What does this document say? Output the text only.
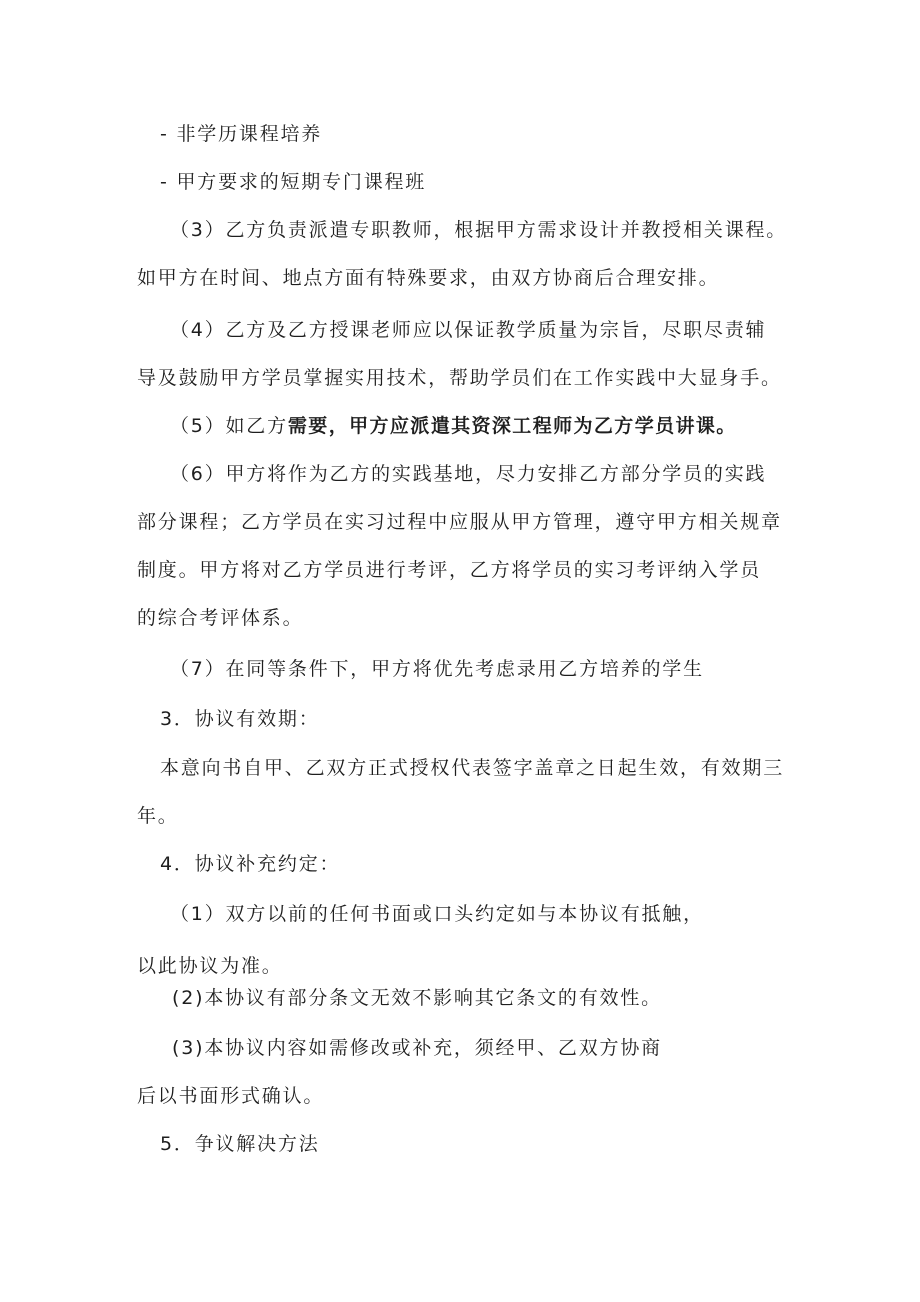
- 非学历课程培养
- 甲方要求的短期专门课程班
（3）乙方负责派遣专职教师，根据甲方需求设计并教授相关课程。
如甲方在时间、地点方面有特殊要求，由双方协商后合理安排。
（4）乙方及乙方授课老师应以保证教学质量为宗旨，尽职尽责辅
导及鼓励甲方学员掌握实用技术，帮助学员们在工作实践中大显身手。
（5）如乙方需要，甲方应派遣其资深工程师为乙方学员讲课。
（6）甲方将作为乙方的实践基地，尽力安排乙方部分学员的实践
部分课程；乙方学员在实习过程中应服从甲方管理，遵守甲方相关规章
制度。甲方将对乙方学员进行考评，乙方将学员的实习考评纳入学员
的综合考评体系。
（7）在同等条件下，甲方将优先考虑录用乙方培养的学生
3．协议有效期：
本意向书自甲、乙双方正式授权代表签字盖章之日起生效，有效期三
年。
4．协议补充约定：
（1）双方以前的任何书面或口头约定如与本协议有抵触，
以此协议为准。
(2)本协议有部分条文无效不影响其它条文的有效性。
(3)本协议内容如需修改或补充，须经甲、乙双方协商
后以书面形式确认。
5．争议解决方法
